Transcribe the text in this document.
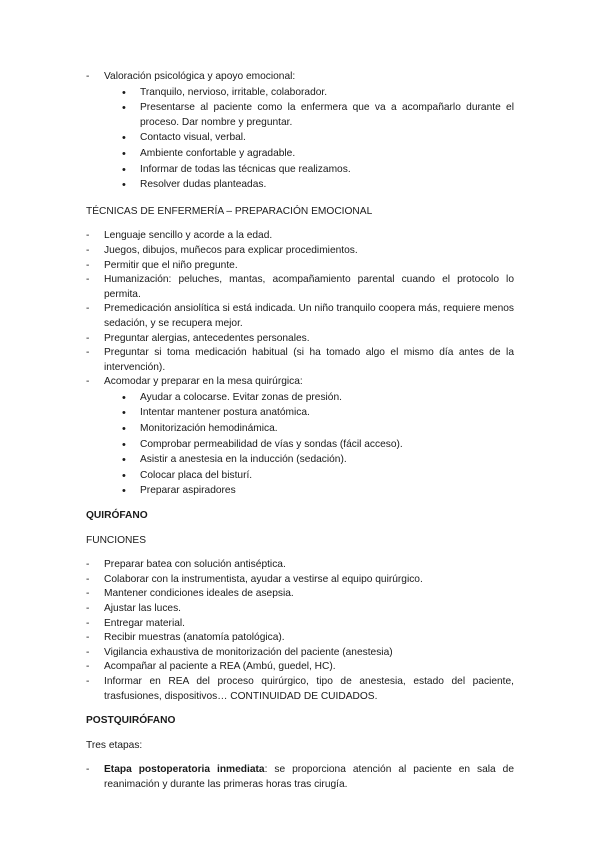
- Valoración psicológica y apoyo emocional:

• Tranquilo, nervioso, irritable, colaborador.
• Presentarse al paciente como la enfermera que va a acompañarlo durante el proceso. Dar nombre y preguntar.
• Contacto visual, verbal.
• Ambiente confortable y agradable.
• Informar de todas las técnicas que realizamos.
• Resolver dudas planteadas.

TÉCNICAS DE ENFERMERÍA – PREPARACIÓN EMOCIONAL

- Lenguaje sencillo y acorde a la edad.

- Juegos, dibujos, muñecos para explicar procedimientos.

- Permitir que el niño pregunte.

- Humanización: peluches, mantas, acompañamiento parental cuando el protocolo lo permita.

- Premedicación ansiolítica si está indicada. Un niño tranquilo coopera más, requiere menos sedación, y se recupera mejor.

- Preguntar alergias, antecedentes personales.

- Preguntar si toma medicación habitual (si ha tomado algo el mismo día antes de la intervención).

- Acomodar y preparar en la mesa quirúrgica:

• Ayudar a colocarse. Evitar zonas de presión.
• Intentar mantener postura anatómica.
• Monitorización hemodinámica.
• Comprobar permeabilidad de vías y sondas (fácil acceso).
• Asistir a anestesia en la inducción (sedación).
• Colocar placa del bisturí.
• Preparar aspiradores

QUIRÓFANO

FUNCIONES

- Preparar batea con solución antiséptica.

- Colaborar con la instrumentista, ayudar a vestirse al equipo quirúrgico.

- Mantener condiciones ideales de asepsia.

- Ajustar las luces.

- Entregar material.

- Recibir muestras (anatomía patológica).

- Vigilancia exhaustiva de monitorización del paciente (anestesia)

- Acompañar al paciente a REA (Ambú, guedel, HC).

- Informar en REA del proceso quirúrgico, tipo de anestesia, estado del paciente, trasfusiones, dispositivos… CONTINUIDAD DE CUIDADOS.

POSTQUIRÓFANO

Tres etapas:

- Etapa postoperatoria inmediata: se proporciona atención al paciente en sala de reanimación y durante las primeras horas tras cirugía.
